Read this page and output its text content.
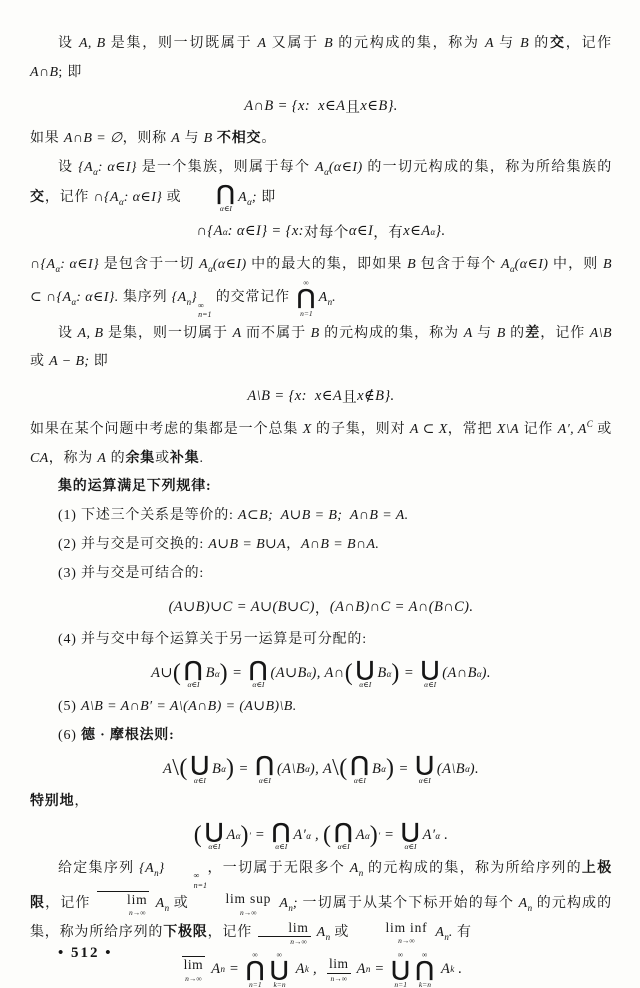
设 A, B 是集，则一切既属于 A 又属于 B 的元构成的集，称为 A 与 B 的交，记作 A∩B; 即
A∩B = {x:  x∈A 且 x∈B}.
如果 A∩B = ∅，则称 A 与 B 不相交。
设 {$A_\alpha$: α∈I} 是一个集族，则属于每个 $A_\alpha(\alpha\in I)$ 的一切元构成的集，称为所给集族的交，记作 $\cap\{A_\alpha$: α∈I} 或	⋂
α∈I
$A_\alpha$; 即
∩{A α : α∈I} = {x: 对每个 α∈I ，有 x∈A α }.
$\cap\{A_\alpha$: α∈I} 是包含于一切 $A_\alpha(\alpha\in I)$ 中的最大的集，即如果 B 包含于每个 $A_\alpha(\alpha\in I)$ 中，则 B ⊂ $\cap\{A_\alpha$: α∈I}. 集序列 $\{A_n\}$ ∞
n=1
的交常记作
∞
⋂
n=1
$A_n$.
设 A, B 是集，则一切属于 A 而不属于 B 的元构成的集，称为 A 与 B 的差，记作 A\B 或 A − B; 即
A\B = {x:  x∈A 且 x∉B}.
如果在某个问题中考虑的集都是一个总集 X 的子集，则对 A ⊂ X，常把 X\A 记作 A′, $A^C$ 或 CA，称为 A 的余集或补集.
集的运算满足下列规律:
(1) 下述三个关系是等价的: A⊂B;  A∪B = B;  A∩B = A.
(2) 并与交是可交换的: A∪B = B∪A，A∩B = B∩A.
(3) 并与交是可结合的:
(A∪B)∪C = A∪(B∪C) ， (A∩B)∩C = A∩(B∩C).
(4) 并与交中每个运算关于另一运算是可分配的:
A∪ ( ⋂
α∈I
B α ) = ⋂
α∈I
(A∪B α ), A∩ ( ⋃
α∈I
B α ) = ⋃
α∈I
(A∩B α ).
(5) A\B = A∩B′ = A\(A∩B) = (A∪B)\B.
(6) 德 · 摩根法则:
A \ ( ⋃
α∈I
B α ) = ⋂
α∈I
(A\B α ), A \ ( ⋂
α∈I
B α ) = ⋃
α∈I
(A\B α ).
特别地，
( ⋃
α∈I
A α ) ′ = ⋂
α∈I
A′ α , ( ⋂
α∈I
A α ) ′ = ⋃
α∈I
A′ α .
给定集序列 $\{A_n\}$	∞
n=1
，一切属于无限多个 $A_n$ 的元构成的集，称为所给序列的上极限，记作	lim
n→∞
$A_n$ 或	lim sup
n→∞
$A_n$; 一切属于从某个下标开始的每个 $A_n$ 的元构成的集，称为所给序列的下极限，记作	lim
n→∞
$A_n$ 或	lim inf
n→∞
$A_n$. 有
lim
n→∞
A n =
∞
⋂
n=1
∞
⋃
k=n
A k , lim
n→∞
A n =
∞
⋃
n=1
∞
⋂
k=n
A k .
• 512 •
